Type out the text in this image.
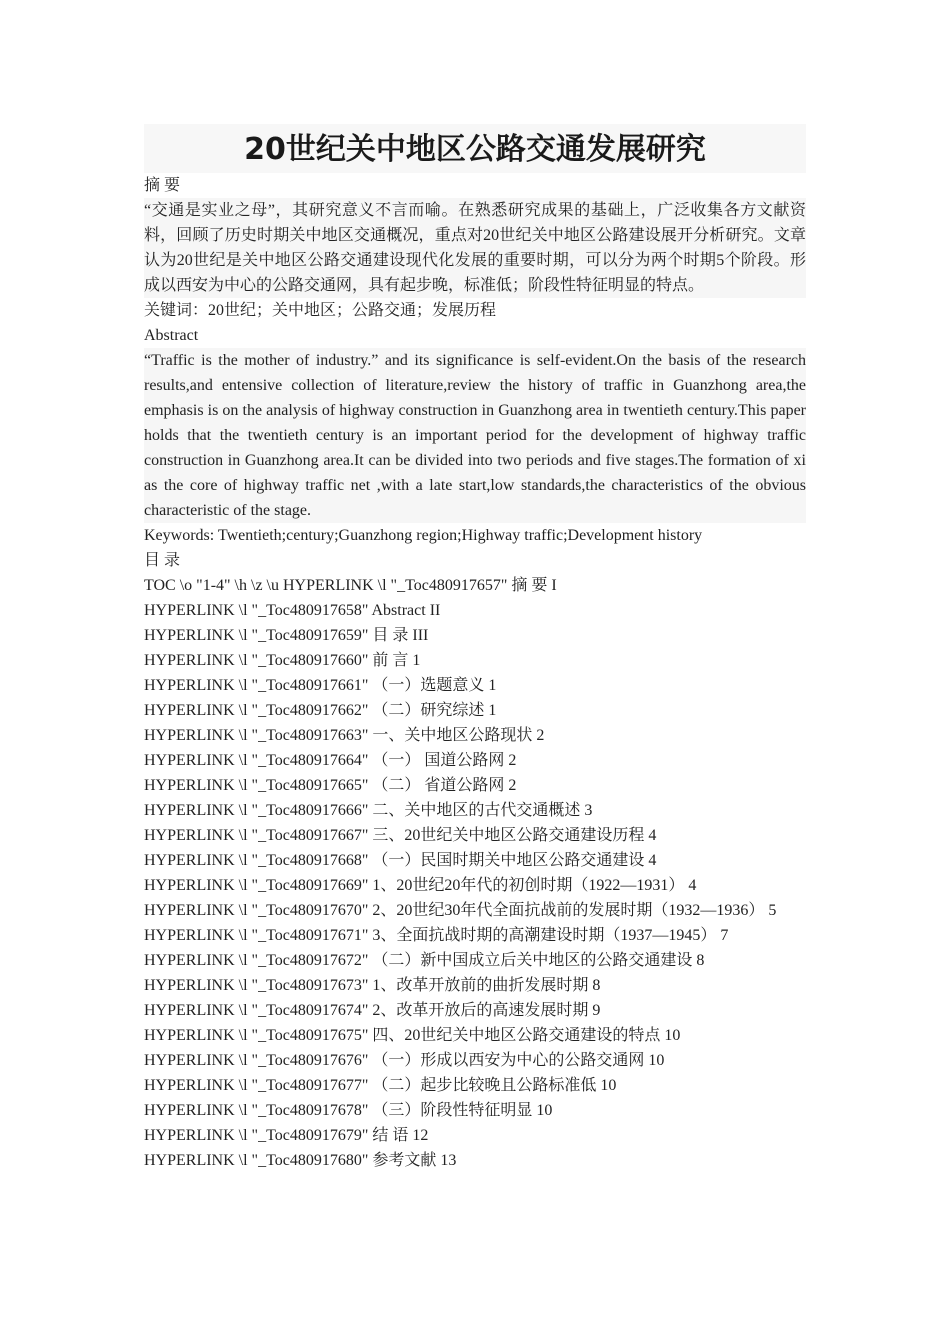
20世纪关中地区公路交通发展研究
摘 要
“交通是实业之母”，其研究意义不言而喻。在熟悉研究成果的基础上，广泛收集各方文献资料，回顾了历史时期关中地区交通概况，重点对20世纪关中地区公路建设展开分析研究。文章认为20世纪是关中地区公路交通建设现代化发展的重要时期，可以分为两个时期5个阶段。形成以西安为中心的公路交通网，具有起步晚，标准低；阶段性特征明显的特点。
关键词：20世纪；关中地区；公路交通；发展历程
Abstract
“Traffic is the mother of industry.” and its significance is self-evident.On the basis of the research results,and entensive collection of literature,review the history of traffic in Guanzhong area,the emphasis is on the analysis of highway construction in Guanzhong area in twentieth century.This paper holds that the twentieth century is an important period for the development of highway traffic construction in Guanzhong area.It can be divided into two periods and five stages.The formation of xi as the core of highway traffic net ,with a late start,low standards,the characteristics of the obvious characteristic of the stage.
Keywords: Twentieth;century;Guanzhong region;Highway traffic;Development history
目 录
TOC \o "1-4" \h \z \u HYPERLINK \l "_Toc480917657" 摘 要 I
HYPERLINK \l "_Toc480917658" Abstract II
HYPERLINK \l "_Toc480917659" 目 录 III
HYPERLINK \l "_Toc480917660" 前 言 1
HYPERLINK \l "_Toc480917661" （一）选题意义 1
HYPERLINK \l "_Toc480917662" （二）研究综述 1
HYPERLINK \l "_Toc480917663" 一、关中地区公路现状 2
HYPERLINK \l "_Toc480917664" （一） 国道公路网 2
HYPERLINK \l "_Toc480917665" （二） 省道公路网 2
HYPERLINK \l "_Toc480917666" 二、关中地区的古代交通概述 3
HYPERLINK \l "_Toc480917667" 三、20世纪关中地区公路交通建设历程 4
HYPERLINK \l "_Toc480917668" （一）民国时期关中地区公路交通建设 4
HYPERLINK \l "_Toc480917669" 1、20世纪20年代的初创时期（1922—1931） 4
HYPERLINK \l "_Toc480917670" 2、20世纪30年代全面抗战前的发展时期（1932—1936） 5
HYPERLINK \l "_Toc480917671" 3、全面抗战时期的高潮建设时期（1937—1945） 7
HYPERLINK \l "_Toc480917672" （二）新中国成立后关中地区的公路交通建设 8
HYPERLINK \l "_Toc480917673" 1、改革开放前的曲折发展时期 8
HYPERLINK \l "_Toc480917674" 2、改革开放后的高速发展时期 9
HYPERLINK \l "_Toc480917675" 四、20世纪关中地区公路交通建设的特点 10
HYPERLINK \l "_Toc480917676" （一）形成以西安为中心的公路交通网 10
HYPERLINK \l "_Toc480917677" （二）起步比较晚且公路标准低 10
HYPERLINK \l "_Toc480917678" （三）阶段性特征明显 10
HYPERLINK \l "_Toc480917679" 结 语 12
HYPERLINK \l "_Toc480917680" 参考文献 13
